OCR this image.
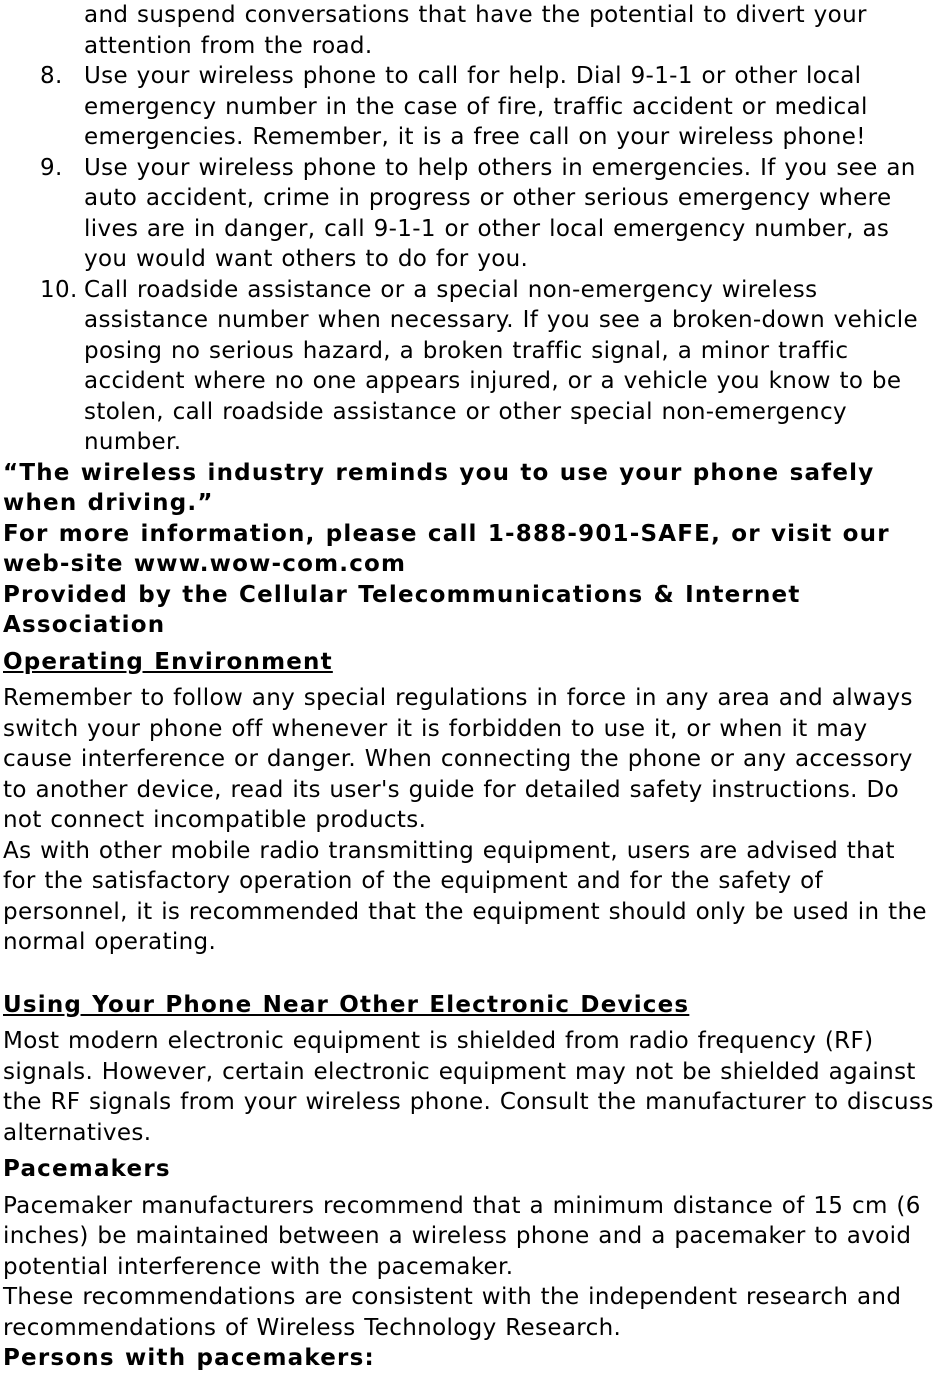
and suspend conversations that have the potential to divert your attention from the road.
8. Use your wireless phone to call for help. Dial 9-1-1 or other local emergency number in the case of fire, traffic accident or medical emergencies. Remember, it is a free call on your wireless phone!
9. Use your wireless phone to help others in emergencies. If you see an auto accident, crime in progress or other serious emergency where lives are in danger, call 9-1-1 or other local emergency number, as you would want others to do for you.
10. Call roadside assistance or a special non-emergency wireless assistance number when necessary. If you see a broken-down vehicle posing no serious hazard, a broken traffic signal, a minor traffic accident where no one appears injured, or a vehicle you know to be stolen, call roadside assistance or other special non-emergency number.

“The wireless industry reminds you to use your phone safely when driving.”

For more information, please call 1-888-901-SAFE, or visit our web-site www.wow-com.com

Provided by the Cellular Telecommunications & Internet Association

Operating Environment

Remember to follow any special regulations in force in any area and always switch your phone off whenever it is forbidden to use it, or when it may cause interference or danger. When connecting the phone or any accessory to another device, read its user's guide for detailed safety instructions. Do not connect incompatible products.

As with other mobile radio transmitting equipment, users are advised that for the satisfactory operation of the equipment and for the safety of personnel, it is recommended that the equipment should only be used in the normal operating.

Using Your Phone Near Other Electronic Devices

Most modern electronic equipment is shielded from radio frequency (RF) signals. However, certain electronic equipment may not be shielded against the RF signals from your wireless phone. Consult the manufacturer to discuss alternatives.

Pacemakers

Pacemaker manufacturers recommend that a minimum distance of 15 cm (6 inches) be maintained between a wireless phone and a pacemaker to avoid potential interference with the pacemaker.

These recommendations are consistent with the independent research and recommendations of Wireless Technology Research.

Persons with pacemakers:
